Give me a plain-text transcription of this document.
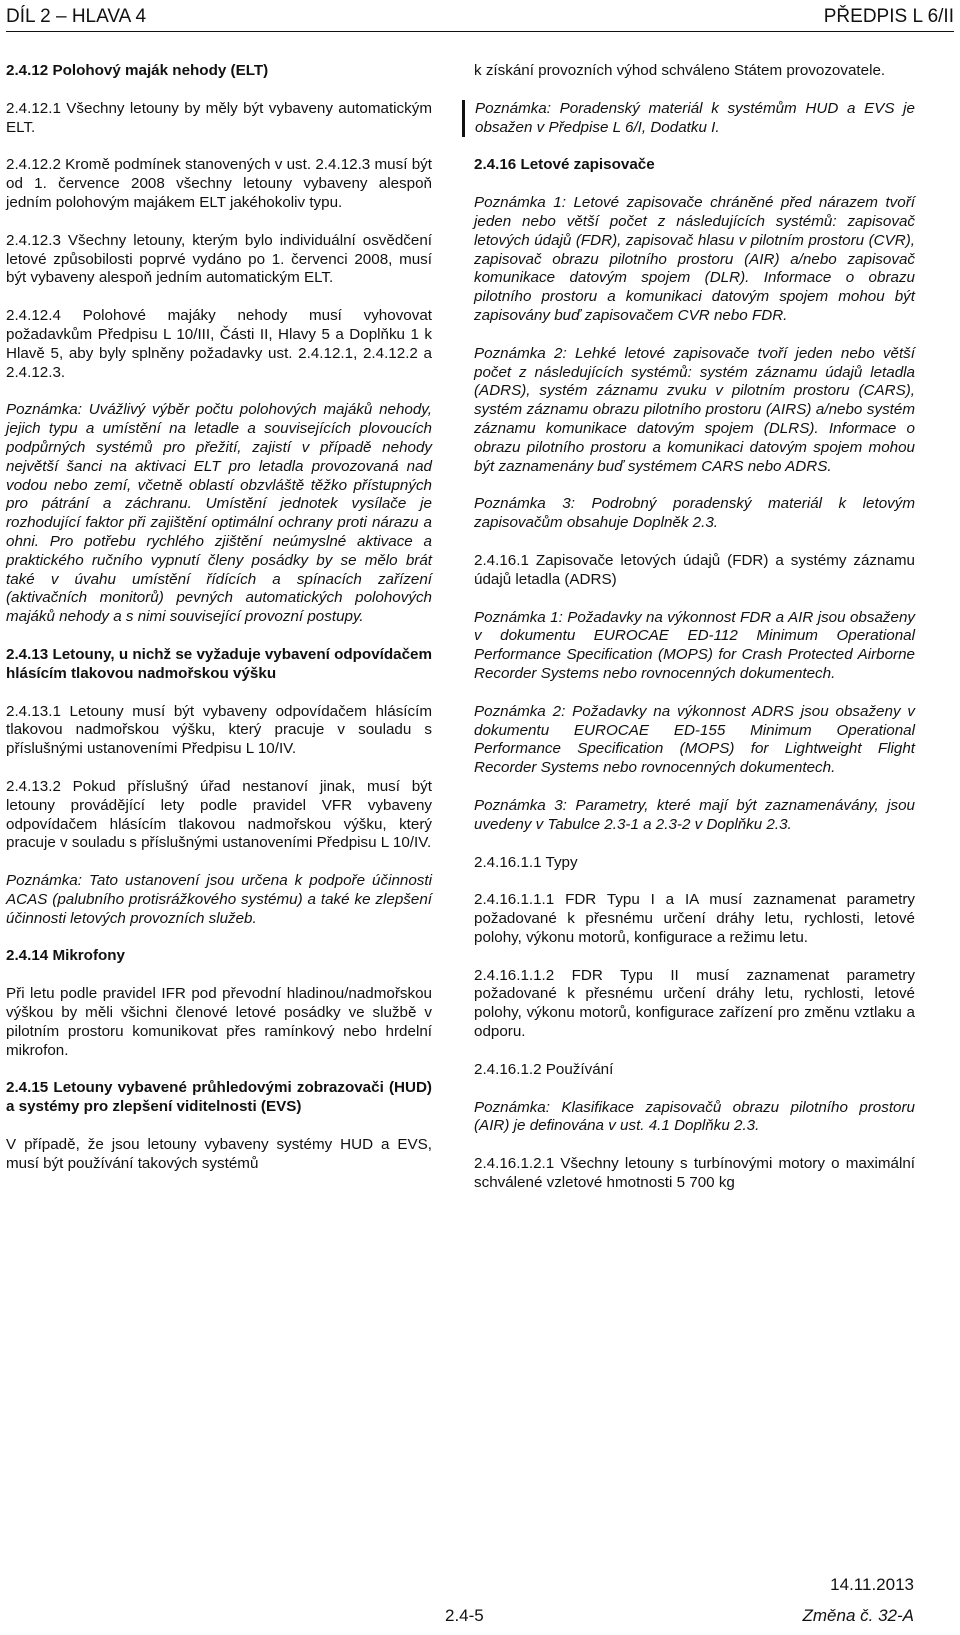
DÍL 2 – HLAVA 4	PŘEDPIS L 6/II
2.4.12 Polohový maják nehody (ELT)
2.4.12.1 Všechny letouny by měly být vybaveny automatickým ELT.
2.4.12.2 Kromě podmínek stanovených v ust. 2.4.12.3 musí být od 1. července 2008 všechny letouny vybaveny alespoň jedním polohovým majákem ELT jakéhokoliv typu.
2.4.12.3 Všechny letouny, kterým bylo individuální osvědčení letové způsobilosti poprvé vydáno po 1. červenci 2008, musí být vybaveny alespoň jedním automatickým ELT.
2.4.12.4 Polohové majáky nehody musí vyhovovat požadavkům Předpisu L 10/III, Části II, Hlavy 5 a Doplňku 1 k Hlavě 5, aby byly splněny požadavky ust. 2.4.12.1, 2.4.12.2 a 2.4.12.3.
Poznámka: Uvážlivý výběr počtu polohových majáků nehody, jejich typu a umístění na letadle a souvisejících plovoucích podpůrných systémů pro přežití, zajistí v případě nehody největší šanci na aktivaci ELT pro letadla provozovaná nad vodou nebo zemí, včetně oblastí obzvláště těžko přístupných pro pátrání a záchranu. Umístění jednotek vysílače je rozhodující faktor při zajištění optimální ochrany proti nárazu a ohni. Pro potřebu rychlého zjištění neúmyslné aktivace a praktického ručního vypnutí členy posádky by se mělo brát také v úvahu umístění řídících a spínacích zařízení (aktivačních monitorů) pevných automatických polohových majáků nehody a s nimi související provozní postupy.
2.4.13 Letouny, u nichž se vyžaduje vybavení odpovídačem hlásícím tlakovou nadmořskou výšku
2.4.13.1 Letouny musí být vybaveny odpovídačem hlásícím tlakovou nadmořskou výšku, který pracuje v souladu s příslušnými ustanoveními Předpisu L 10/IV.
2.4.13.2 Pokud příslušný úřad nestanoví jinak, musí být letouny provádějící lety podle pravidel VFR vybaveny odpovídačem hlásícím tlakovou nadmořskou výšku, který pracuje v souladu s příslušnými ustanoveními Předpisu L 10/IV.
Poznámka: Tato ustanovení jsou určena k podpoře účinnosti ACAS (palubního protisrážkového systému) a také ke zlepšení účinnosti letových provozních služeb.
2.4.14 Mikrofony
Při letu podle pravidel IFR pod převodní hladinou/nadmořskou výškou by měli všichni členové letové posádky ve službě v pilotním prostoru komunikovat přes ramínkový nebo hrdelní mikrofon.
2.4.15 Letouny vybavené průhledovými zobrazovači (HUD) a systémy pro zlepšení viditelnosti (EVS)
V případě, že jsou letouny vybaveny systémy HUD a EVS, musí být používání takových systémů
k získání provozních výhod schváleno Státem provozovatele.
Poznámka: Poradenský materiál k systémům HUD a EVS je obsažen v Předpise L 6/I, Dodatku I.
2.4.16 Letové zapisovače
Poznámka 1: Letové zapisovače chráněné před nárazem tvoří jeden nebo větší počet z následujících systémů: zapisovač letových údajů (FDR), zapisovač hlasu v pilotním prostoru (CVR), zapisovač obrazu pilotního prostoru (AIR) a/nebo zapisovač komunikace datovým spojem (DLR). Informace o obrazu pilotního prostoru a komunikaci datovým spojem mohou být zapisovány buď zapisovačem CVR nebo FDR.
Poznámka 2: Lehké letové zapisovače tvoří jeden nebo větší počet z následujících systémů: systém záznamu údajů letadla (ADRS), systém záznamu zvuku v pilotním prostoru (CARS), systém záznamu obrazu pilotního prostoru (AIRS) a/nebo systém záznamu komunikace datovým spojem (DLRS). Informace o obrazu pilotního prostoru a komunikaci datovým spojem mohou být zaznamenány buď systémem CARS nebo ADRS.
Poznámka 3: Podrobný poradenský materiál k letovým zapisovačům obsahuje Doplněk 2.3.
2.4.16.1 Zapisovače letových údajů (FDR) a systémy záznamu údajů letadla (ADRS)
Poznámka 1: Požadavky na výkonnost FDR a AIR jsou obsaženy v dokumentu EUROCAE ED-112 Minimum Operational Performance Specification (MOPS) for Crash Protected Airborne Recorder Systems nebo rovnocenných dokumentech.
Poznámka 2: Požadavky na výkonnost ADRS jsou obsaženy v dokumentu EUROCAE ED-155 Minimum Operational Performance Specification (MOPS) for Lightweight Flight Recorder Systems nebo rovnocenných dokumentech.
Poznámka 3: Parametry, které mají být zaznamenávány, jsou uvedeny v Tabulce 2.3-1 a 2.3-2 v Doplňku 2.3.
2.4.16.1.1 Typy
2.4.16.1.1.1 FDR Typu I a IA musí zaznamenat parametry požadované k přesnému určení dráhy letu, rychlosti, letové polohy, výkonu motorů, konfigurace a režimu letu.
2.4.16.1.1.2 FDR Typu II musí zaznamenat parametry požadované k přesnému určení dráhy letu, rychlosti, letové polohy, výkonu motorů, konfigurace zařízení pro změnu vztlaku a odporu.
2.4.16.1.2 Používání
Poznámka: Klasifikace zapisovačů obrazu pilotního prostoru (AIR) je definována v ust. 4.1 Doplňku 2.3.
2.4.16.1.2.1 Všechny letouny s turbínovými motory o maximální schválené vzletové hmotnosti 5 700 kg
14.11.2013
2.4-5	Změna č. 32-A
